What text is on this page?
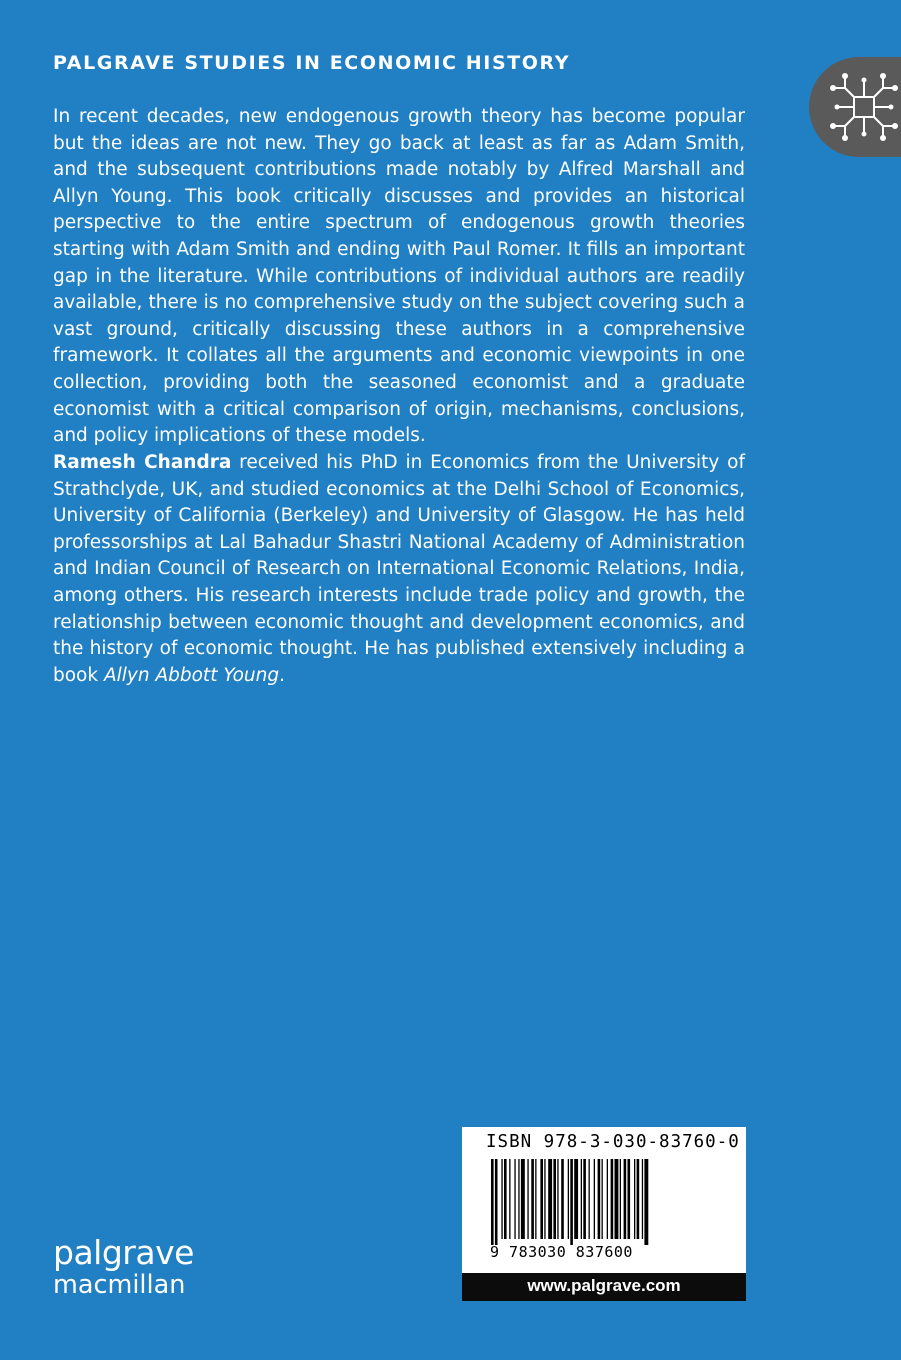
PALGRAVE STUDIES IN ECONOMIC HISTORY

In recent decades, new endogenous growth theory has become popular but the ideas are not new. They go back at least as far as Adam Smith, and the subsequent contributions made notably by Alfred Marshall and Allyn Young. This book critically discusses and provides an historical perspective to the entire spectrum of endogenous growth theories starting with Adam Smith and ending with Paul Romer. It fills an important gap in the literature. While contributions of individual authors are readily available, there is no comprehensive study on the subject covering such a vast ground, critically discussing these authors in a comprehensive framework. It collates all the arguments and economic viewpoints in one collection, providing both the seasoned economist and a graduate economist with a critical comparison of origin, mechanisms, conclusions, and policy implications of these models.

Ramesh Chandra received his PhD in Economics from the University of Strathclyde, UK, and studied economics at the Delhi School of Economics, University of California (Berkeley) and University of Glasgow. He has held professorships at Lal Bahadur Shastri National Academy of Administration and Indian Council of Research on International Economic Relations, India, among others. His research interests include trade policy and growth, the relationship between economic thought and development economics, and the history of economic thought. He has published extensively including a book Allyn Abbott Young.

palgrave
macmillan
ISBN 978-3-030-83760-0
9 783030 837600
www.palgrave.com
